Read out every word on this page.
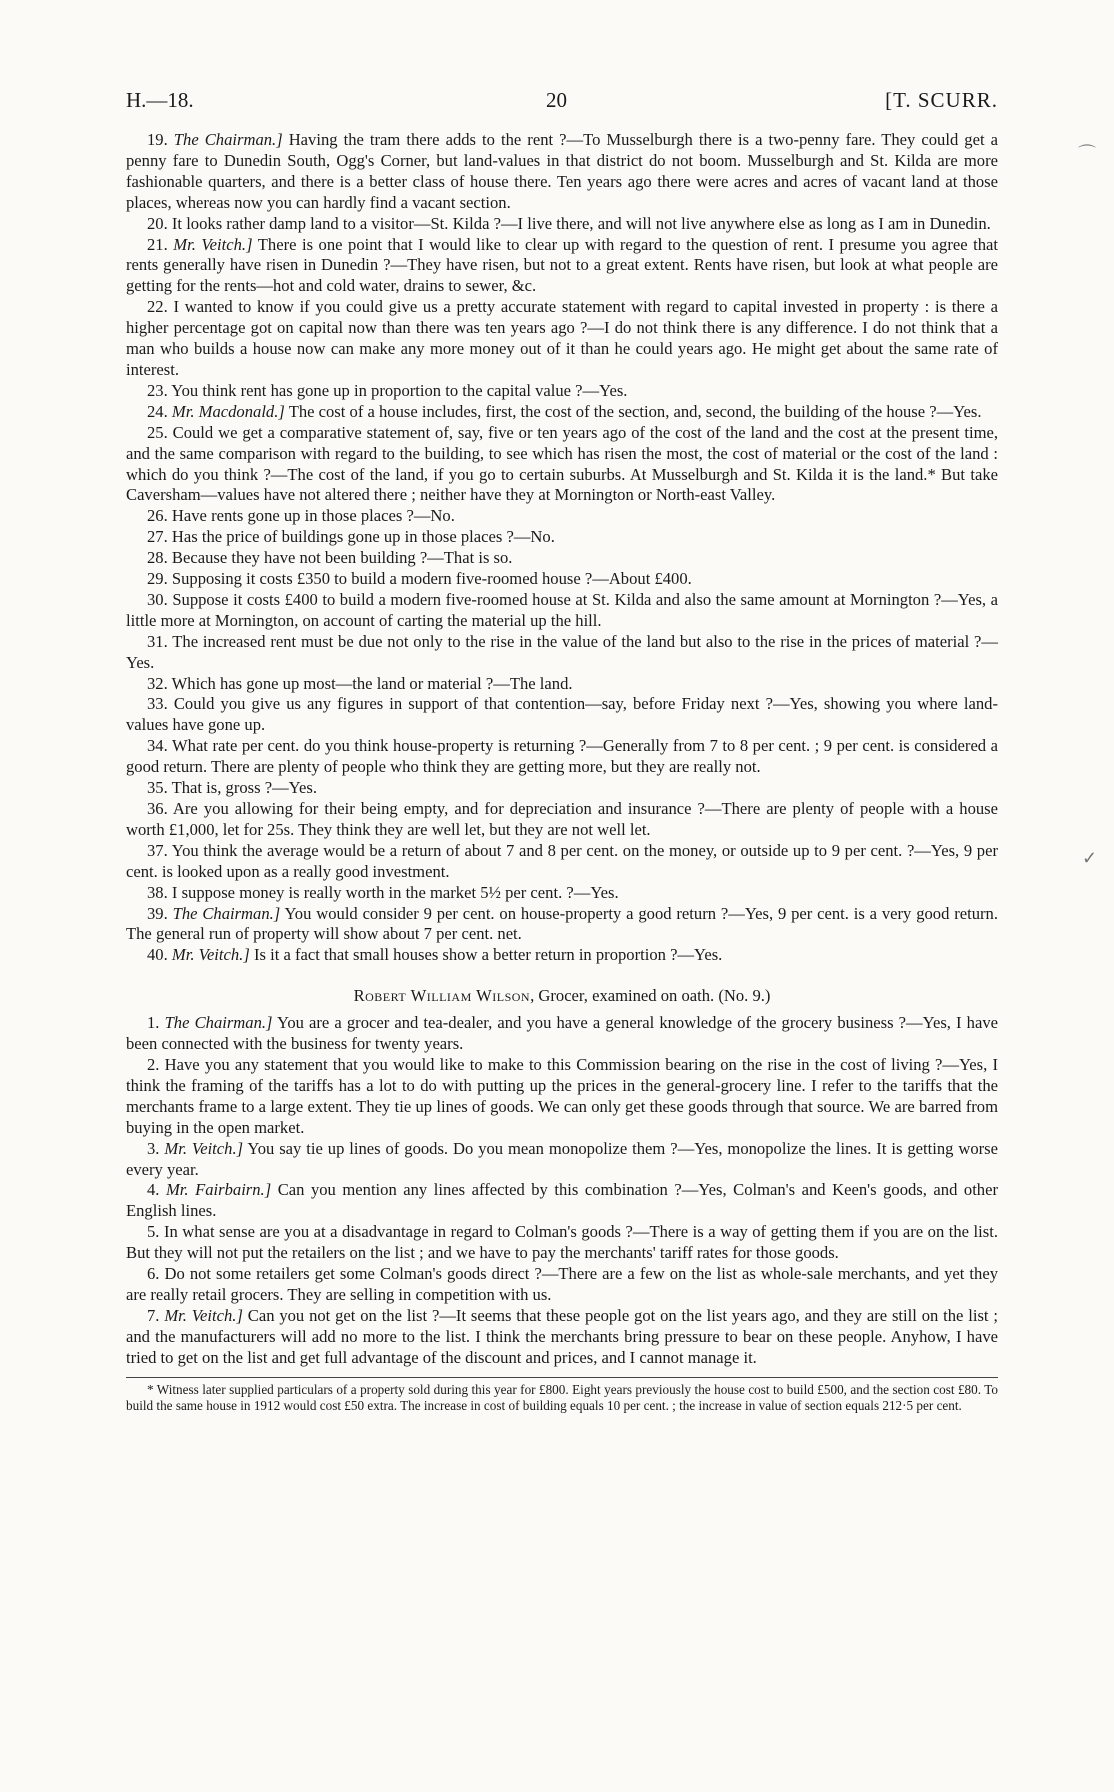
H.—18.	20	[T. SCURR.

19. The Chairman.] Having the tram there adds to the rent ?—To Musselburgh there is a two-penny fare. They could get a penny fare to Dunedin South, Ogg's Corner, but land-values in that district do not boom. Musselburgh and St. Kilda are more fashionable quarters, and there is a better class of house there. Ten years ago there were acres and acres of vacant land at those places, whereas now you can hardly find a vacant section.

20. It looks rather damp land to a visitor—St. Kilda ?—I live there, and will not live anywhere else as long as I am in Dunedin.

21. Mr. Veitch.] There is one point that I would like to clear up with regard to the question of rent. I presume you agree that rents generally have risen in Dunedin ?—They have risen, but not to a great extent. Rents have risen, but look at what people are getting for the rents—hot and cold water, drains to sewer, &c.

22. I wanted to know if you could give us a pretty accurate statement with regard to capital invested in property : is there a higher percentage got on capital now than there was ten years ago ?—I do not think there is any difference. I do not think that a man who builds a house now can make any more money out of it than he could years ago. He might get about the same rate of interest.

23. You think rent has gone up in proportion to the capital value ?—Yes.

24. Mr. Macdonald.] The cost of a house includes, first, the cost of the section, and, second, the building of the house ?—Yes.

25. Could we get a comparative statement of, say, five or ten years ago of the cost of the land and the cost at the present time, and the same comparison with regard to the building, to see which has risen the most, the cost of material or the cost of the land : which do you think ?—The cost of the land, if you go to certain suburbs. At Musselburgh and St. Kilda it is the land.* But take Caversham—values have not altered there ; neither have they at Mornington or North-east Valley.

26. Have rents gone up in those places ?—No.

27. Has the price of buildings gone up in those places ?—No.

28. Because they have not been building ?—That is so.

29. Supposing it costs £350 to build a modern five-roomed house ?—About £400.

30. Suppose it costs £400 to build a modern five-roomed house at St. Kilda and also the same amount at Mornington ?—Yes, a little more at Mornington, on account of carting the material up the hill.

31. The increased rent must be due not only to the rise in the value of the land but also to the rise in the prices of material ?—Yes.

32. Which has gone up most—the land or material ?—The land.

33. Could you give us any figures in support of that contention—say, before Friday next ?—Yes, showing you where land-values have gone up.

34. What rate per cent. do you think house-property is returning ?—Generally from 7 to 8 per cent. ; 9 per cent. is considered a good return. There are plenty of people who think they are getting more, but they are really not.

35. That is, gross ?—Yes.

36. Are you allowing for their being empty, and for depreciation and insurance ?—There are plenty of people with a house worth £1,000, let for 25s. They think they are well let, but they are not well let.

37. You think the average would be a return of about 7 and 8 per cent. on the money, or outside up to 9 per cent. ?—Yes, 9 per cent. is looked upon as a really good investment.

38. I suppose money is really worth in the market 5½ per cent. ?—Yes.

39. The Chairman.] You would consider 9 per cent. on house-property a good return ?—Yes, 9 per cent. is a very good return. The general run of property will show about 7 per cent. net.

40. Mr. Veitch.] Is it a fact that small houses show a better return in proportion ?—Yes.

Robert William Wilson, Grocer, examined on oath. (No. 9.)

1. The Chairman.] You are a grocer and tea-dealer, and you have a general knowledge of the grocery business ?—Yes, I have been connected with the business for twenty years.

2. Have you any statement that you would like to make to this Commission bearing on the rise in the cost of living ?—Yes, I think the framing of the tariffs has a lot to do with putting up the prices in the general-grocery line. I refer to the tariffs that the merchants frame to a large extent. They tie up lines of goods. We can only get these goods through that source. We are barred from buying in the open market.

3. Mr. Veitch.] You say tie up lines of goods. Do you mean monopolize them ?—Yes, monopolize the lines. It is getting worse every year.

4. Mr. Fairbairn.] Can you mention any lines affected by this combination ?—Yes, Colman's and Keen's goods, and other English lines.

5. In what sense are you at a disadvantage in regard to Colman's goods ?—There is a way of getting them if you are on the list. But they will not put the retailers on the list ; and we have to pay the merchants' tariff rates for those goods.

6. Do not some retailers get some Colman's goods direct ?—There are a few on the list as whole-sale merchants, and yet they are really retail grocers. They are selling in competition with us.

7. Mr. Veitch.] Can you not get on the list ?—It seems that these people got on the list years ago, and they are still on the list ; and the manufacturers will add no more to the list. I think the merchants bring pressure to bear on these people. Anyhow, I have tried to get on the list and get full advantage of the discount and prices, and I cannot manage it.

* Witness later supplied particulars of a property sold during this year for £800. Eight years previously the house cost to build £500, and the section cost £80. To build the same house in 1912 would cost £50 extra. The increase in cost of building equals 10 per cent. ; the increase in value of section equals 212·5 per cent.

⌒
✓
